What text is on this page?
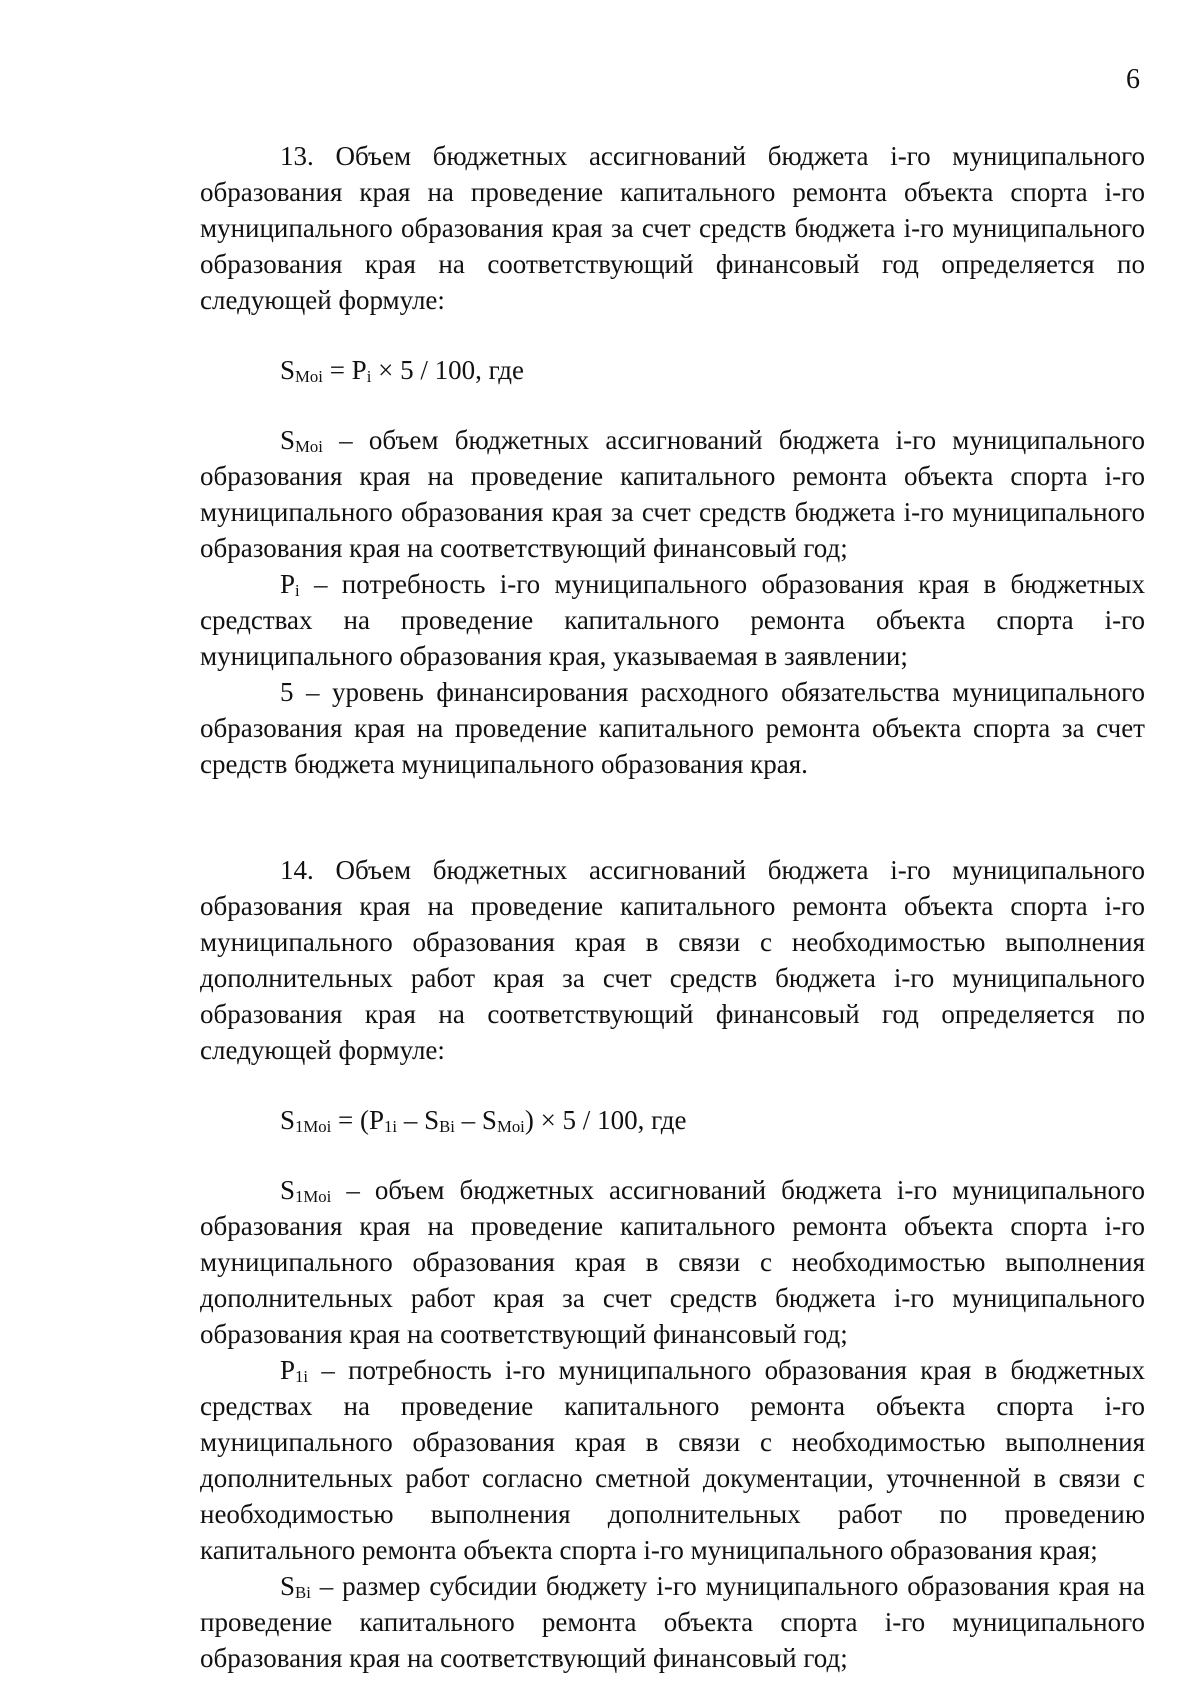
6

13. Объем бюджетных ассигнований бюджета i-го муниципального образования края на проведение капитального ремонта объекта спорта i-го муниципального образования края за счет средств бюджета i-го муниципального образования края на соответствующий финансовый год определяется по следующей формуле:

$S_{Moi} = P_i \times 5 / 100$, где

$S_{Moi}$ – объем бюджетных ассигнований бюджета i-го муниципального образования края на проведение капитального ремонта объекта спорта i-го муниципального образования края за счет средств бюджета i-го муниципального образования края на соответствующий финансовый год;

$P_i$ – потребность i-го муниципального образования края в бюджетных средствах на проведение капитального ремонта объекта спорта i-го муниципального образования края, указываемая в заявлении;

5 – уровень финансирования расходного обязательства муниципального образования края на проведение капитального ремонта объекта спорта за счет средств бюджета муниципального образования края.

14. Объем бюджетных ассигнований бюджета i-го муниципального образования края на проведение капитального ремонта объекта спорта i-го муниципального образования края в связи с необходимостью выполнения дополнительных работ края за счет средств бюджета i-го муниципального образования края на соответствующий финансовый год определяется по следующей формуле:

$S_{1Moi} = (P_{1i} - S_{Bi} - S_{Moi}) \times 5 / 100$, где

$S_{1Moi}$ – объем бюджетных ассигнований бюджета i-го муниципального образования края на проведение капитального ремонта объекта спорта i-го муниципального образования края в связи с необходимостью выполнения дополнительных работ края за счет средств бюджета i-го муниципального образования края на соответствующий финансовый год;

$P_{1i}$ – потребность i-го муниципального образования края в бюджетных средствах на проведение капитального ремонта объекта спорта i-го муниципального образования края в связи с необходимостью выполнения дополнительных работ согласно сметной документации, уточненной в связи с необходимостью выполнения дополнительных работ по проведению капитального ремонта объекта спорта i-го муниципального образования края;

$S_{Bi}$ – размер субсидии бюджету i-го муниципального образования края на проведение капитального ремонта объекта спорта i-го муниципального образования края на соответствующий финансовый год;
